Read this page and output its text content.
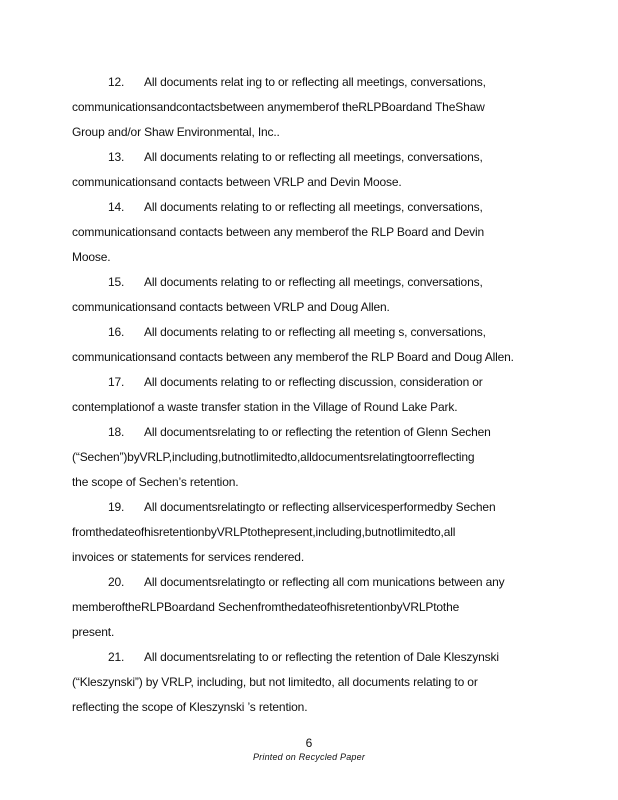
12. All documents relat ing to or reflecting all meetings, conversations,
communicationsandcontactsbetween anymemberof theRLPBoardand TheShaw
Group and/or Shaw Environmental, Inc..
13. All documents relating to or reflecting all meetings, conversations,
communicationsand contacts between VRLP and Devin Moose.
14. All documents relating to or reflecting all meetings, conversations,
communicationsand contacts between any memberof the RLP Board and Devin
Moose.
15. All documents relating to or reflecting all meetings, conversations,
communicationsand contacts between VRLP and Doug Allen.
16. All documents relating to or reflecting all meeting s, conversations,
communicationsand contacts between any memberof the RLP Board and Doug Allen.
17. All documents relating to or reflecting discussion, consideration or
contemplationof a waste transfer station in the Village of Round Lake Park.
18. All documentsrelating to or reflecting the retention of Glenn Sechen
(“Sechen”)byVRLP,including,butnotlimitedto,alldocumentsrelatingtoorreflecting
the scope of Sechen’s retention.
19. All documentsrelatingto or reflecting allservicesperformedby Sechen
fromthedateofhisretentionbyVRLPtothepresent,including,butnotlimitedto,all
invoices or statements for services rendered.
20. All documentsrelatingto or reflecting all com munications between any
memberoftheRLPBoardand SechenfromthedateofhisretentionbyVRLPtothe
present.
21. All documentsrelating to or reflecting the retention of Dale Kleszynski
(“Kleszynski”) by VRLP, including, but not limitedto, all documents relating to or
reflecting the scope of Kleszynski ’s retention.
6
Printed on Recycled Paper
